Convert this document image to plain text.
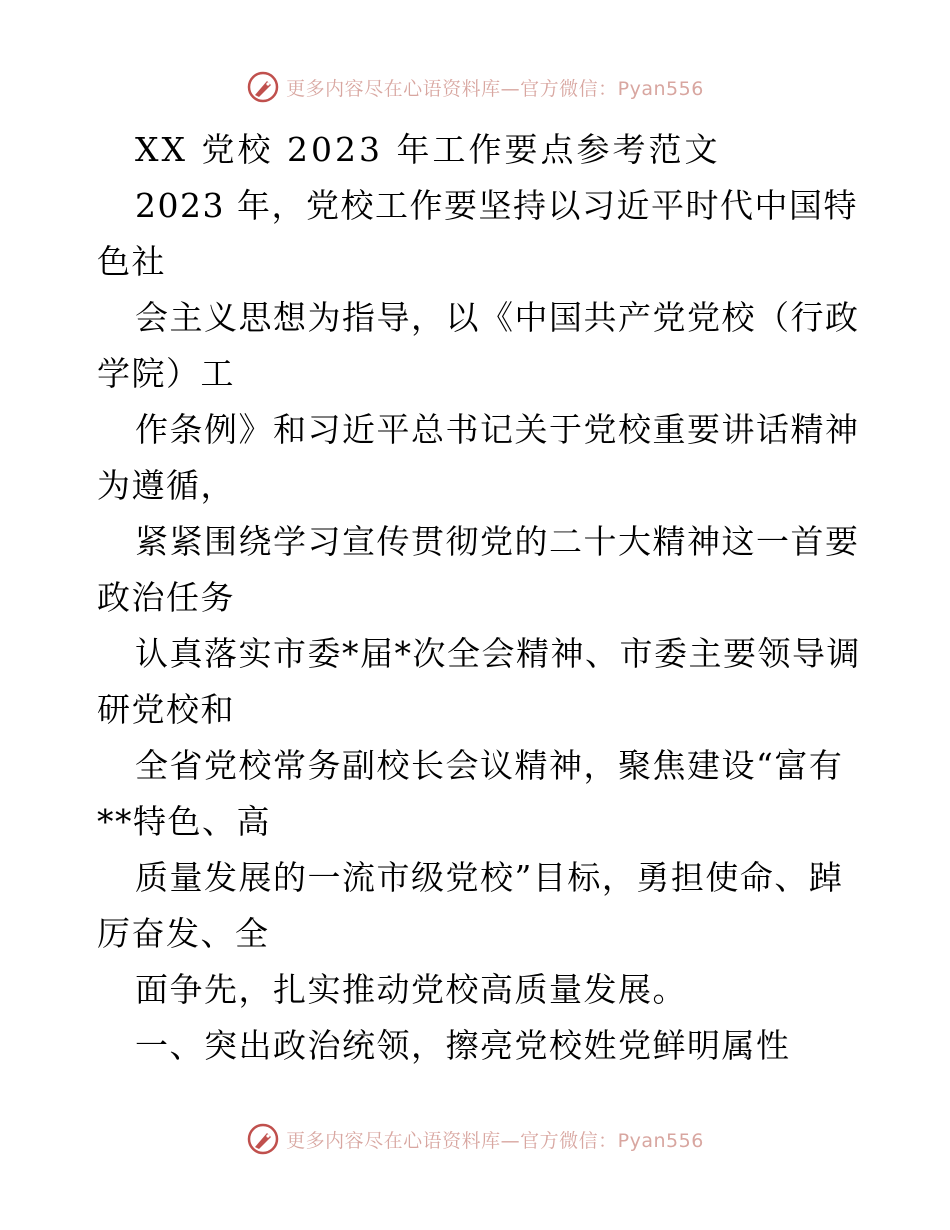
更多内容尽在心语资料库—官方微信：Pyan556
XX 党校 2023 年工作要点参考范文
2023 年，党校工作要坚持以习近平时代中国特
色社
会主义思想为指导，以《中国共产党党校（行政
学院）工
作条例》和习近平总书记关于党校重要讲话精神
为遵循，
紧紧围绕学习宣传贯彻党的二十大精神这一首要
政治任务
认真落实市委*届*次全会精神、市委主要领导调
研党校和
全省党校常务副校长会议精神，聚焦建设“富有
**特色、高
质量发展的一流市级党校”目标，勇担使命、踔
厉奋发、全
面争先，扎实推动党校高质量发展。
一、突出政治统领，擦亮党校姓党鲜明属性
更多内容尽在心语资料库—官方微信：Pyan556
